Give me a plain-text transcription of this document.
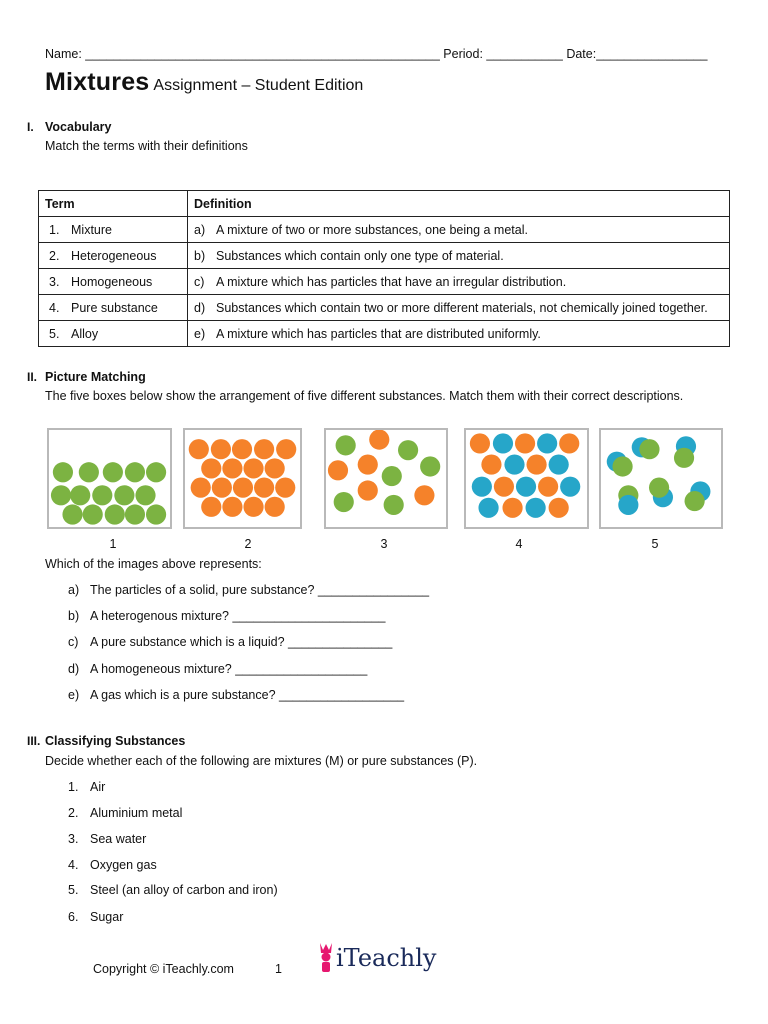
Name: ___________________________________________________ Period: ___________ Date:________________
Mixtures Assignment – Student Edition
I. Vocabulary
Match the terms with their definitions
Term	Definition
1. Mixture	a) A mixture of two or more substances, one being a metal.
2. Heterogeneous	b) Substances which contain only one type of material.
3. Homogeneous	c) A mixture which has particles that have an irregular distribution.
4. Pure substance	d) Substances which contain two or more different materials, not chemically joined together.
5. Alloy	e) A mixture which has particles that are distributed uniformly.
II. Picture Matching
The five boxes below show the arrangement of five different substances. Match them with their correct descriptions.
1	2	3	4	5
Which of the images above represents:
a) The particles of a solid, pure substance? ________________
b) A heterogenous mixture? ______________________
c) A pure substance which is a liquid? _______________
d) A homogeneous mixture? ___________________
e) A gas which is a pure substance? __________________
III. Classifying Substances
Decide whether each of the following are mixtures (M) or pure substances (P).
1. Air
2. Aluminium metal
3. Sea water
4. Oxygen gas
5. Steel (an alloy of carbon and iron)
6. Sugar
Copyright © iTeachly.com	1	iTeachly
